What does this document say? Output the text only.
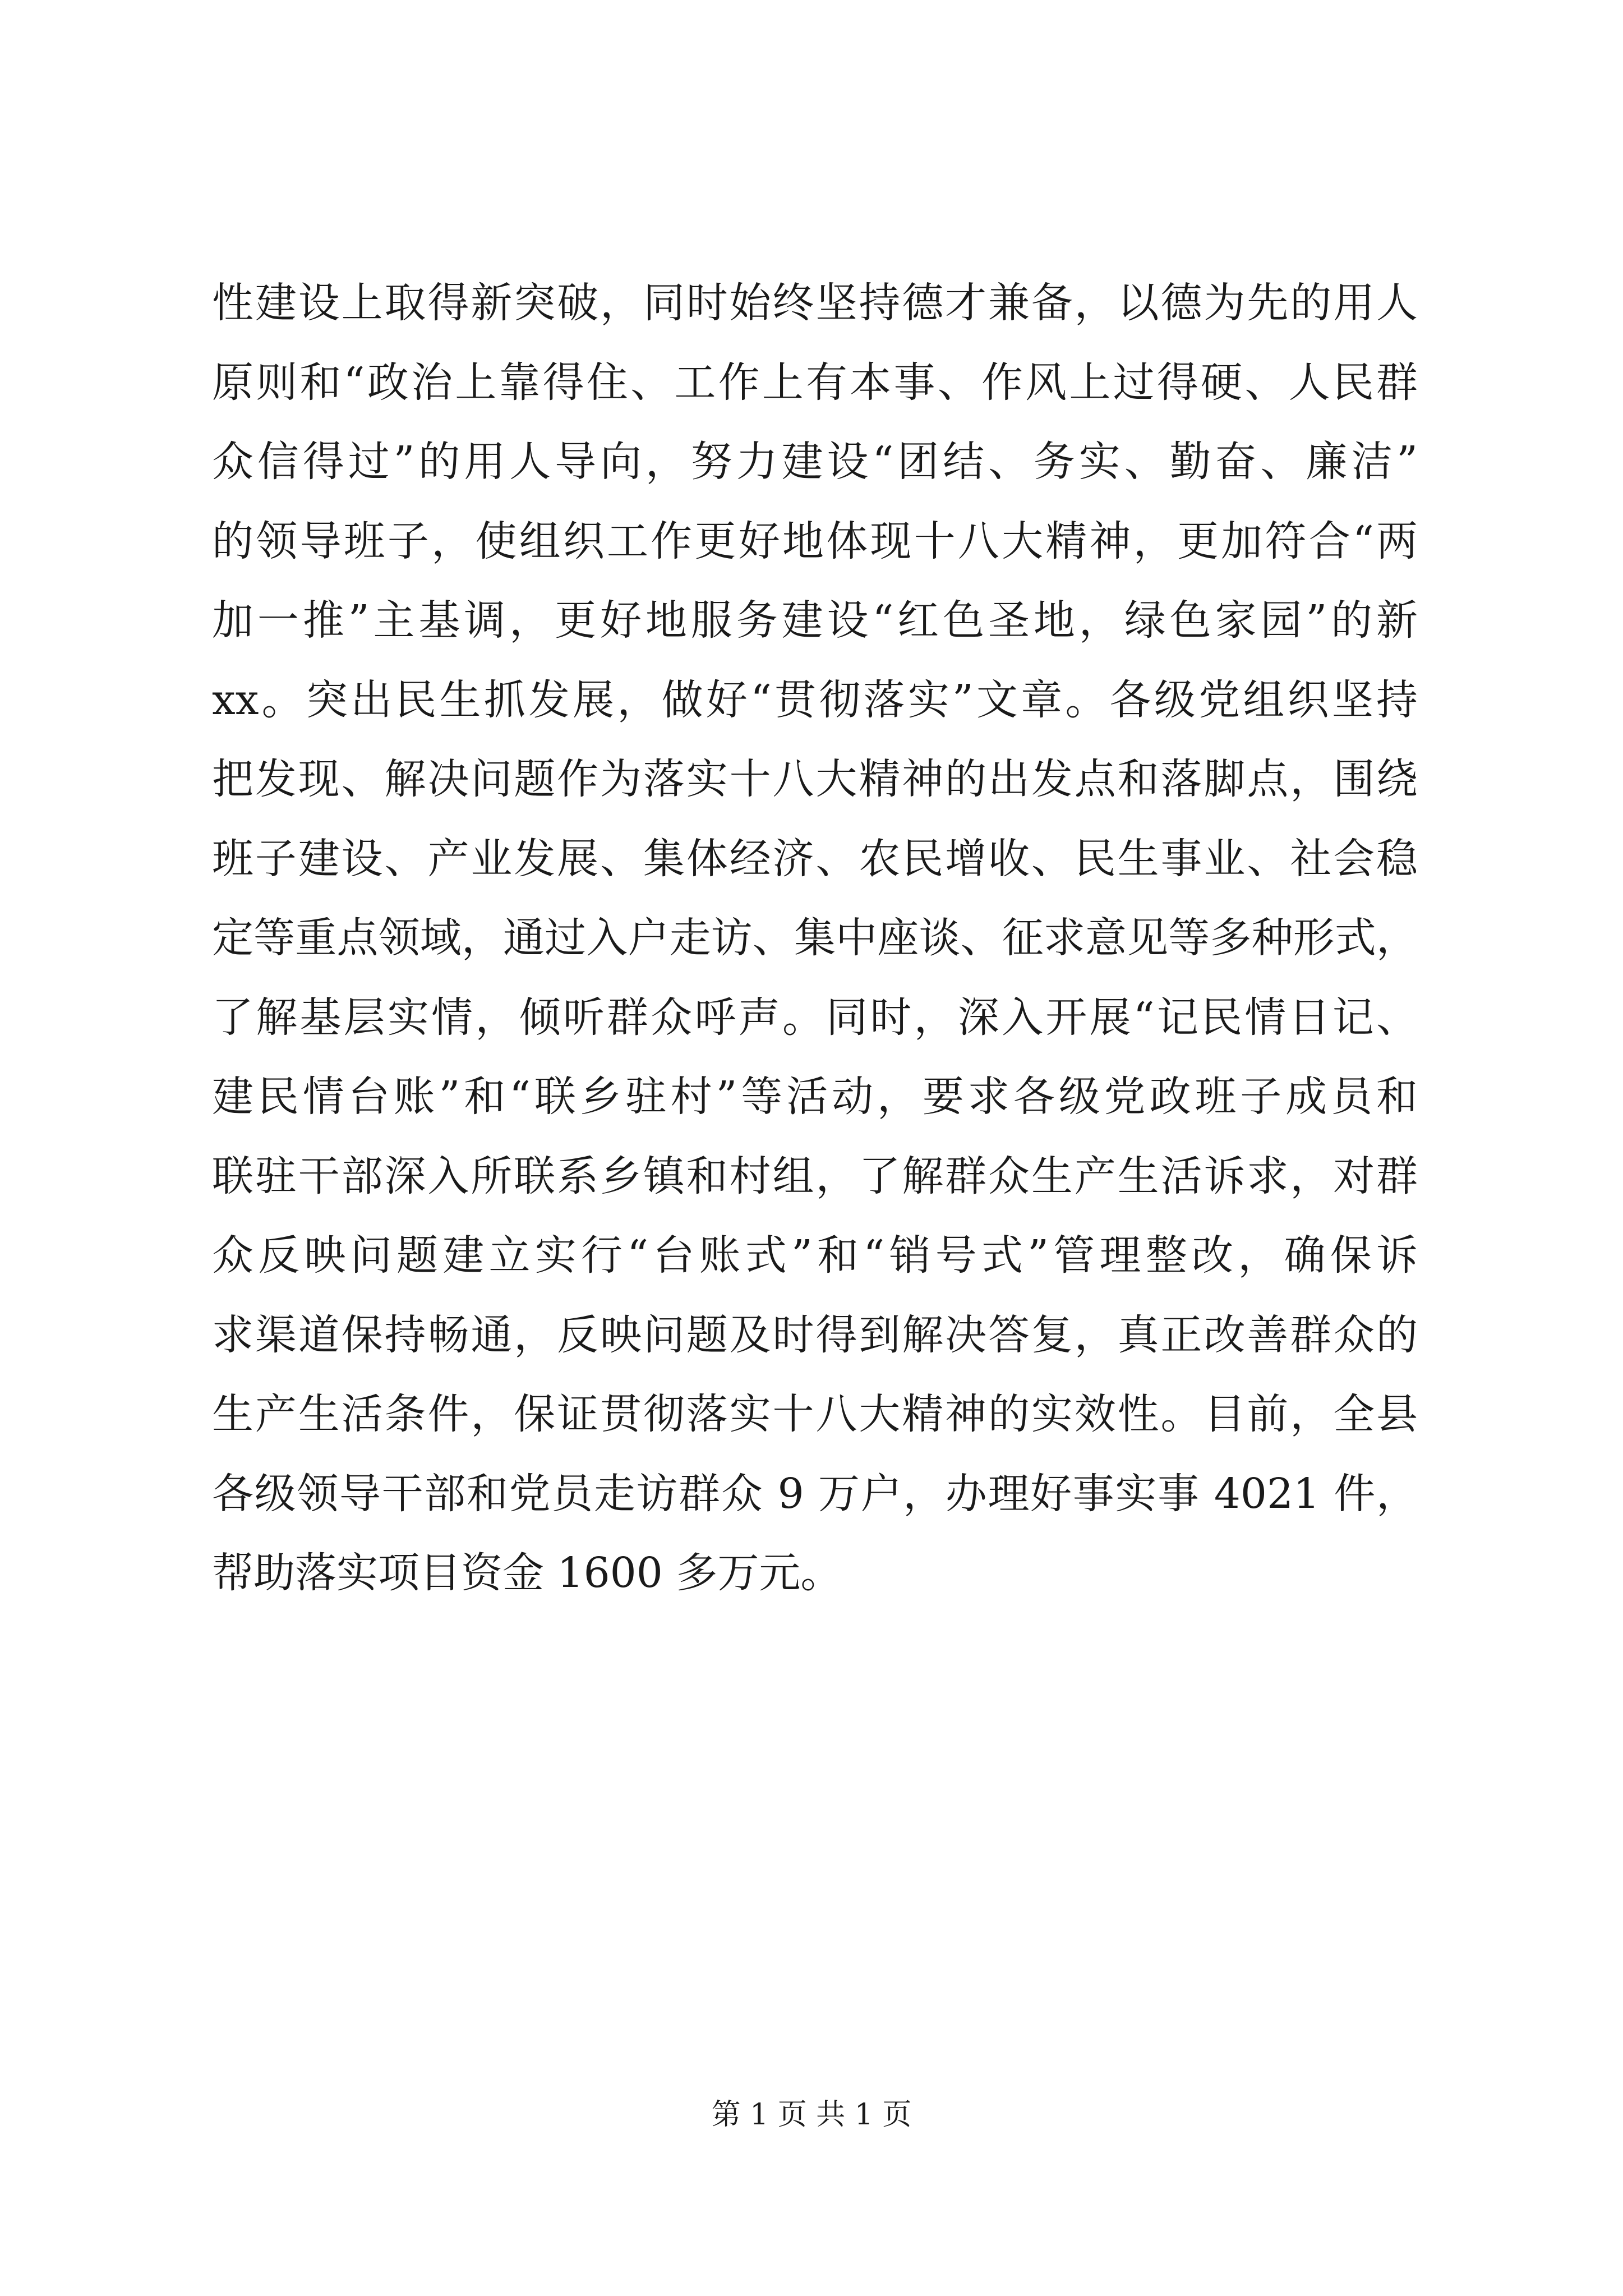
性建设上取得新突破，同时始终坚持德才兼备，以德为先的用人
原则和“政治上靠得住、工作上有本事、作风上过得硬、人民群
众信得过”的用人导向，努力建设“团结、务实、勤奋、廉洁”
的领导班子，使组织工作更好地体现十八大精神，更加符合“两
加一推”主基调，更好地服务建设“红色圣地，绿色家园”的新
xx。突出民生抓发展，做好“贯彻落实”文章。各级党组织坚持
把发现、解决问题作为落实十八大精神的出发点和落脚点，围绕
班子建设、产业发展、集体经济、农民增收、民生事业、社会稳
定等重点领域，通过入户走访、集中座谈、征求意见等多种形式，
了解基层实情，倾听群众呼声。同时，深入开展“记民情日记、
建民情台账”和“联乡驻村”等活动，要求各级党政班子成员和
联驻干部深入所联系乡镇和村组，了解群众生产生活诉求，对群
众反映问题建立实行“台账式”和“销号式”管理整改，确保诉
求渠道保持畅通，反映问题及时得到解决答复，真正改善群众的
生产生活条件，保证贯彻落实十八大精神的实效性。目前，全县
各级领导干部和党员走访群众 9 万户，办理好事实事 4021 件，
帮助落实项目资金 1600 多万元。
第 1 页 共 1 页
